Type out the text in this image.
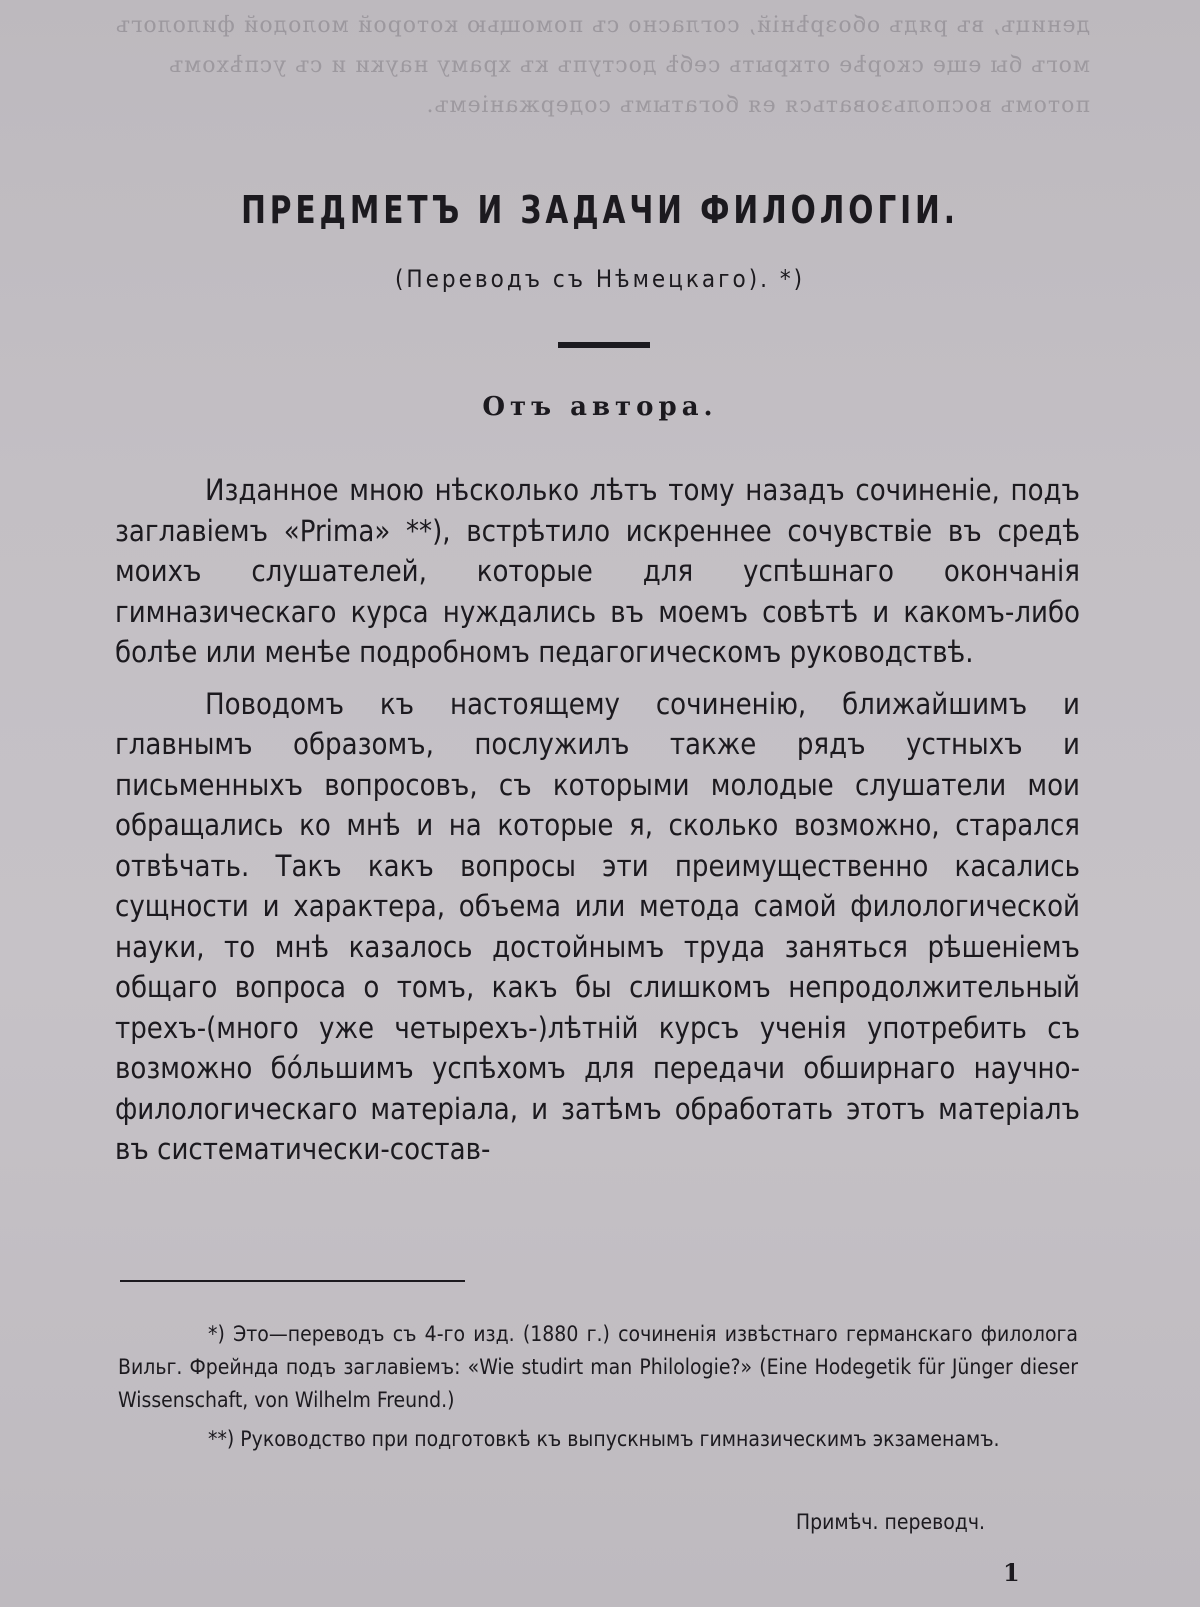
деницъ, въ рядъ обозрѣній, согласно съ помощью которой молодой филологъ могъ бы еще скорѣе открыть себѣ доступъ къ храму науки и съ успѣхомъ потомъ воспользоваться ея богатымъ содержаніемъ.
ПРЕДМЕТЪ И ЗАДАЧИ ФИЛОЛОГIИ.
(Переводъ съ Нѣмецкаго). *)
Отъ автора.

Изданное мною нѣсколько лѣтъ тому назадъ сочиненіе, подъ заглавіемъ «Prima» **), встрѣтило искреннее сочувствіе въ средѣ моихъ слушателей, которые для успѣшнаго окончанія гимназическаго курса нуждались въ моемъ совѣтѣ и какомъ-либо болѣе или менѣе подробномъ педагогическомъ руководствѣ.

Поводомъ къ настоящему сочиненію, ближайшимъ и главнымъ образомъ, послужилъ также рядъ устныхъ и письменныхъ вопросовъ, съ которыми молодые слушатели мои обращались ко мнѣ и на которые я, сколько возможно, старался отвѣчать. Такъ какъ вопросы эти преимущественно касались сущности и характера, объема или метода самой филологической науки, то мнѣ казалось достойнымъ труда заняться рѣшеніемъ общаго вопроса о томъ, какъ бы слишкомъ непродолжительный трехъ-(много уже четырехъ-)лѣтній курсъ ученія употребить съ возможно бо́льшимъ успѣхомъ для передачи обширнаго научно-филологическаго матеріала, и затѣмъ обработать этотъ матеріалъ въ систематически-состав-

*) Это—переводъ съ 4-го изд. (1880 г.) сочиненія извѣстнаго германскаго филолога Вильг. Фрейнда подъ заглавіемъ: «Wie studirt man Philologie?» (Eine Hodegetik für Jünger dieser Wissenschaft, von Wilhelm Freund.)

**) Руководство при подготовкѣ къ выпускнымъ гимназическимъ экзаменамъ.

Примѣч. переводч.
1
